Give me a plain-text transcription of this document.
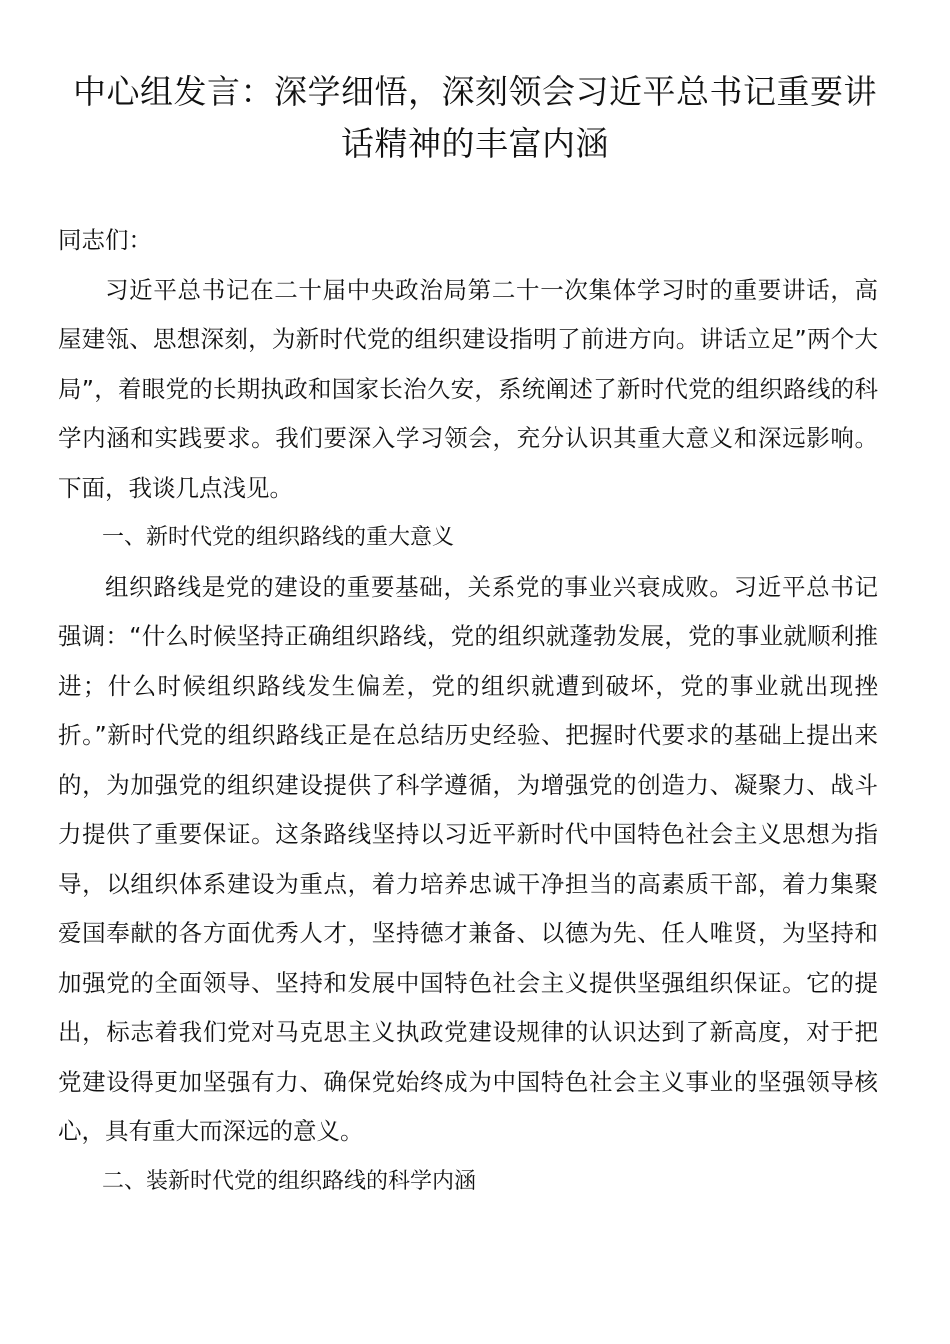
中心组发言：深学细悟，深刻领会习近平总书记重要讲话精神的丰富内涵

同志们：

习近平总书记在二十届中央政治局第二十一次集体学习时的重要讲话，高屋建瓴、思想深刻，为新时代党的组织建设指明了前进方向。讲话立足”两个大局”，着眼党的长期执政和国家长治久安，系统阐述了新时代党的组织路线的科学内涵和实践要求。我们要深入学习领会，充分认识其重大意义和深远影响。下面，我谈几点浅见。

一、新时代党的组织路线的重大意义

组织路线是党的建设的重要基础，关系党的事业兴衰成败。习近平总书记强调：“什么时候坚持正确组织路线，党的组织就蓬勃发展，党的事业就顺利推进；什么时候组织路线发生偏差，党的组织就遭到破坏，党的事业就出现挫折。”新时代党的组织路线正是在总结历史经验、把握时代要求的基础上提出来的，为加强党的组织建设提供了科学遵循，为增强党的创造力、凝聚力、战斗力提供了重要保证。这条路线坚持以习近平新时代中国特色社会主义思想为指导，以组织体系建设为重点，着力培养忠诚干净担当的高素质干部，着力集聚爱国奉献的各方面优秀人才，坚持德才兼备、以德为先、任人唯贤，为坚持和加强党的全面领导、坚持和发展中国特色社会主义提供坚强组织保证。它的提出，标志着我们党对马克思主义执政党建设规律的认识达到了新高度，对于把党建设得更加坚强有力、确保党始终成为中国特色社会主义事业的坚强领导核心，具有重大而深远的意义。

二、装新时代党的组织路线的科学内涵
